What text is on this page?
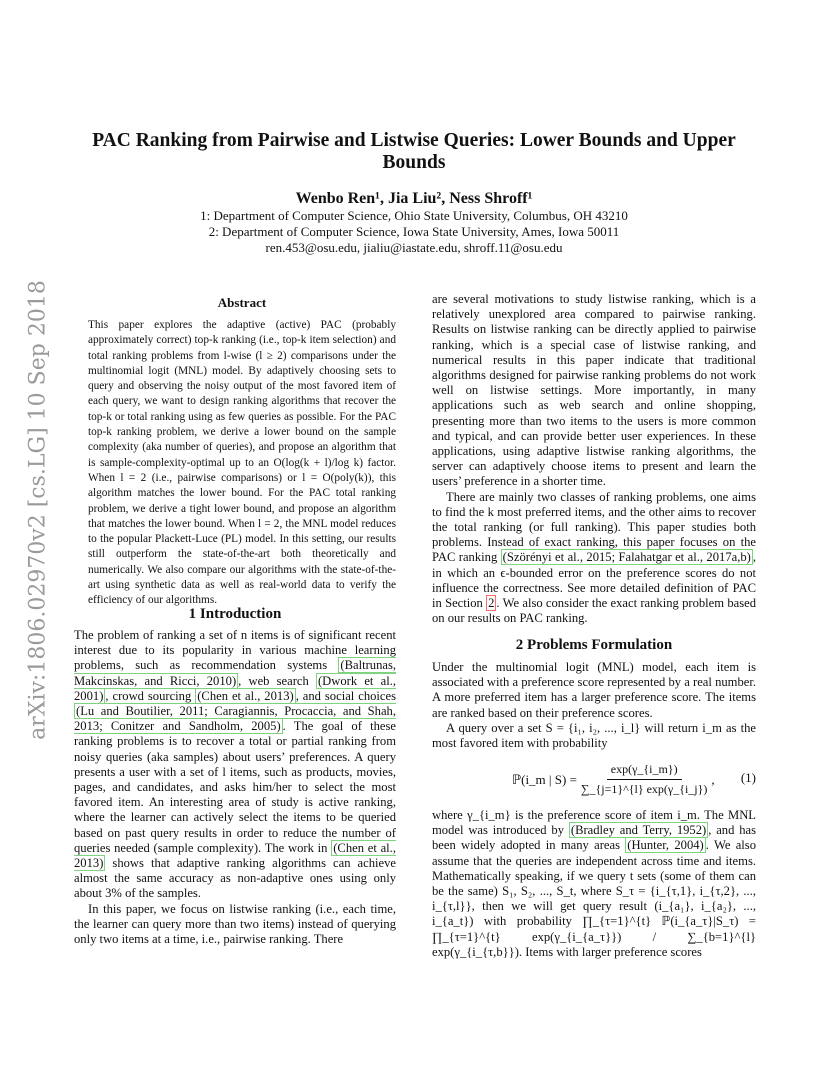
arXiv:1806.02970v2 [cs.LG] 10 Sep 2018
PAC Ranking from Pairwise and Listwise Queries: Lower Bounds and Upper Bounds
Wenbo Ren¹, Jia Liu², Ness Shroff¹
1: Department of Computer Science, Ohio State University, Columbus, OH 43210
2: Department of Computer Science, Iowa State University, Ames, Iowa 50011
ren.453@osu.edu, jialiu@iastate.edu, shroff.11@osu.edu
Abstract

This paper explores the adaptive (active) PAC (probably approximately correct) top-k ranking (i.e., top-k item selection) and total ranking problems from l-wise (l ≥ 2) comparisons under the multinomial logit (MNL) model. By adaptively choosing sets to query and observing the noisy output of the most favored item of each query, we want to design ranking algorithms that recover the top-k or total ranking using as few queries as possible. For the PAC top-k ranking problem, we derive a lower bound on the sample complexity (aka number of queries), and propose an algorithm that is sample-complexity-optimal up to an O(log(k + l)/log k) factor. When l = 2 (i.e., pairwise comparisons) or l = O(poly(k)), this algorithm matches the lower bound. For the PAC total ranking problem, we derive a tight lower bound, and propose an algorithm that matches the lower bound. When l = 2, the MNL model reduces to the popular Plackett-Luce (PL) model. In this setting, our results still outperform the state-of-the-art both theoretically and numerically. We also compare our algorithms with the state-of-the-art using synthetic data as well as real-world data to verify the efficiency of our algorithms.

1 Introduction

The problem of ranking a set of n items is of significant recent interest due to its popularity in various machine learning problems, such as recommendation systems (Baltrunas, Makcinskas, and Ricci, 2010) , web search (Dwork et al., 2001) , crowd sourcing (Chen et al., 2013) , and social choices (Lu and Boutilier, 2011; Caragiannis, Procaccia, and Shah, 2013; Conitzer and Sandholm, 2005) . The goal of these ranking problems is to recover a total or partial ranking from noisy queries (aka samples) about users’ preferences. A query presents a user with a set of l items, such as products, movies, pages, and candidates, and asks him/her to select the most favored item. An interesting area of study is active ranking, where the learner can actively select the items to be queried based on past query results in order to reduce the number of queries needed (sample complexity). The work in (Chen et al., 2013) shows that adaptive ranking algorithms can achieve almost the same accuracy as non-adaptive ones using only about 3% of the samples.

In this paper, we focus on listwise ranking (i.e., each time, the learner can query more than two items) instead of querying only two items at a time, i.e., pairwise ranking. There

are several motivations to study listwise ranking, which is a relatively unexplored area compared to pairwise ranking. Results on listwise ranking can be directly applied to pairwise ranking, which is a special case of listwise ranking, and numerical results in this paper indicate that traditional algorithms designed for pairwise ranking problems do not work well on listwise settings. More importantly, in many applications such as web search and online shopping, presenting more than two items to the users is more common and typical, and can provide better user experiences. In these applications, using adaptive listwise ranking algorithms, the server can adaptively choose items to present and learn the users’ preference in a shorter time.

There are mainly two classes of ranking problems, one aims to find the k most preferred items, and the other aims to recover the total ranking (or full ranking). This paper studies both problems. Instead of exact ranking, this paper focuses on the PAC ranking (Szörényi et al., 2015; Falahatgar et al., 2017a,b) , in which an ϵ-bounded error on the preference scores do not influence the correctness. See more detailed definition of PAC in Section 2 . We also consider the exact ranking problem based on our results on PAC ranking.

2 Problems Formulation

Under the multinomial logit (MNL) model, each item is associated with a preference score represented by a real number. A more preferred item has a larger preference score. The items are ranked based on their preference scores.

A query over a set S = {i₁, i₂, ..., i_l} will return i_m as the most favored item with probability

ℙ(i_m | $S) = \frac{\exp(\gamma\_\{i\_m\})}{\sum\_\{j=1\}\^{}\{l\} \exp(\gamma\_\{i\_j\})}$ , (1)

where γ_{i_m} is the preference score of item i_m. The MNL model was introduced by (Bradley and Terry, 1952) , and has been widely adopted in many areas (Hunter, 2004) . We also assume that the queries are independent across time and items. Mathematically speaking, if we query t sets (some of them can be the same) S₁, S₂, ..., S_t, where S_τ = {i_{τ,1}, i_{τ,2}, ..., i_{τ,l}}, then we will get query result (i_{a₁}, i_{a₂}, ..., i_{a_t}) with probability ∏_{τ=1}^{t} ℙ(i_{a_τ}|S_τ) = ∏_{τ=1}^{t} exp(γ_{i_{a_τ}}) / ∑_{b=1}^{l} exp(γ_{i_{τ,b}}). Items with larger preference scores
